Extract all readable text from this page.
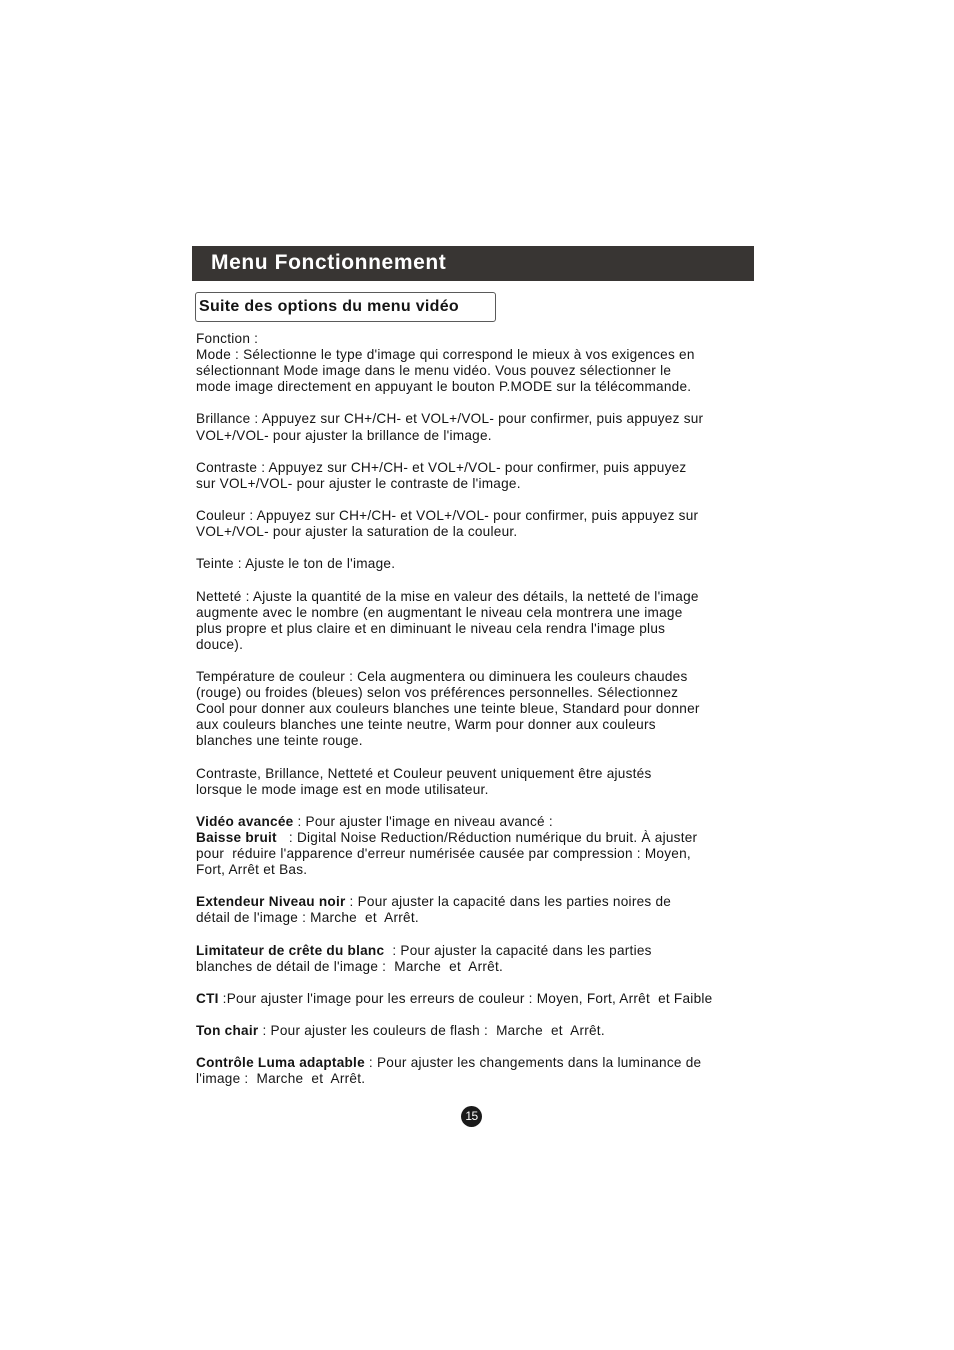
Menu Fonctionnement
Suite des options du menu vidéo

Fonction :
Mode : Sélectionne le type d'image qui correspond le mieux à vos exigences en
sélectionnant Mode image dans le menu vidéo. Vous pouvez sélectionner le
mode image directement en appuyant le bouton P.MODE sur la télécommande.

Brillance : Appuyez sur CH+/CH- et VOL+/VOL- pour confirmer, puis appuyez sur
VOL+/VOL- pour ajuster la brillance de l'image.

Contraste : Appuyez sur CH+/CH- et VOL+/VOL- pour confirmer, puis appuyez
sur VOL+/VOL- pour ajuster le contraste de l'image.

Couleur : Appuyez sur CH+/CH- et VOL+/VOL- pour confirmer, puis appuyez sur
VOL+/VOL- pour ajuster la saturation de la couleur.

Teinte : Ajuste le ton de l'image.

Netteté : Ajuste la quantité de la mise en valeur des détails, la netteté de l'image
augmente avec le nombre (en augmentant le niveau cela montrera une image
plus propre et plus claire et en diminuant le niveau cela rendra l'image plus
douce).

Température de couleur : Cela augmentera ou diminuera les couleurs chaudes
(rouge) ou froides (bleues) selon vos préférences personnelles. Sélectionnez
Cool pour donner aux couleurs blanches une teinte bleue, Standard pour donner
aux couleurs blanches une teinte neutre, Warm pour donner aux couleurs
blanches une teinte rouge.

Contraste, Brillance, Netteté et Couleur peuvent uniquement être ajustés
lorsque le mode image est en mode utilisateur.

Vidéo avancée : Pour ajuster l'image en niveau avancé :
Baisse bruit   : Digital Noise Reduction/Réduction numérique du bruit. À ajuster
pour  réduire l'apparence d'erreur numérisée causée par compression : Moyen,
Fort, Arrêt et Bas.

Extendeur Niveau noir : Pour ajuster la capacité dans les parties noires de
détail de l'image : Marche  et  Arrêt.

Limitateur de crête du blanc  : Pour ajuster la capacité dans les parties
blanches de détail de l'image :  Marche  et  Arrêt.

CTI :Pour ajuster l'image pour les erreurs de couleur : Moyen, Fort, Arrêt  et Faible

Ton chair : Pour ajuster les couleurs de flash :  Marche  et  Arrêt.

Contrôle Luma adaptable : Pour ajuster les changements dans la luminance de
l'image :  Marche  et  Arrêt.

15
